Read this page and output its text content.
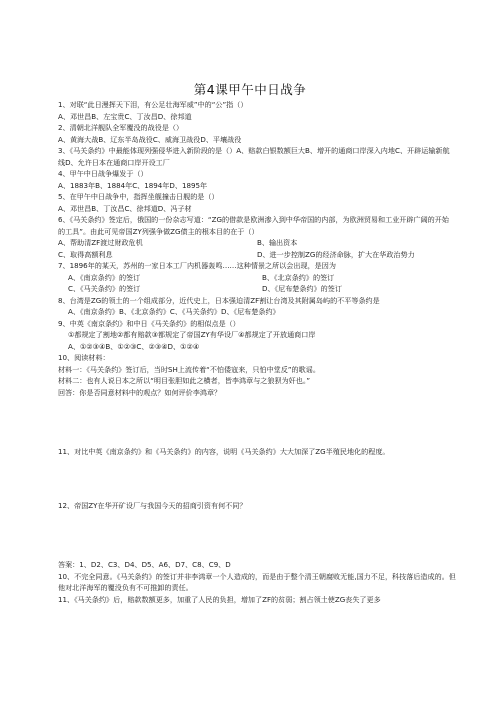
第4课甲午中日战争
1、对联“此日漫挥天下泪，有公足壮海军威”中的“公”指（）
A、邓世昌B、左宝贵C、丁汝昌D、徐邦道
2、清朝北洋舰队全军覆没的战役是（）
A、黄海大战B、辽东半岛战役C、威海卫战役D、平壤战役
3、《马关条约》中最能体现列强侵华进入新阶段的是（）A、赔款白银数额巨大B、增开的通商口岸深入内地C、开辟运输新航线D、允许日本在通商口岸开设工厂
4、甲午中日战争爆发于（）
A、1883年B、1884年C、1894年D、1895年
5、在甲午中日战争中，指挥坐舰撞击日舰的是（）
A、邓世昌B、丁汝昌C、徐邦道D、冯子材
6、《马关条约》签定后，俄国的一份杂志写道：“ZG的借款是欧洲渗入到中华帝国的内部，为欧洲贸易和工业开辟广阔的开始的工具”。由此可见帝国ZY列强争做ZG债主的根本目的在于（）
A、帮助清ZF渡过财政危机	B、输出资本
C、取得高额利息	D、进一步控制ZG的经济命脉，扩大在华政治势力
7、1896年的某天，苏州的一家日本工厂内机器轰鸣……这种情景之所以会出现，是因为
A、《南京条约》的签订	B、《北京条约》的签订
C、《马关条约》的签订	D、《尼布楚条约》的签订
8、台湾是ZG的领土的一个组成部分，近代史上，日本强迫清ZF割让台湾及其附属岛屿的不平等条约是
A、《南京条约》B、《北京条约》C、《马关条约》D、《尼布楚条约》
9、中英《南京条约》和中日《马关条约》的相似点是（）
①都规定了割地②都有赔款③都规定了帝国ZY有华设厂④都规定了开放通商口岸
A、①②③④B、①②③C、②③④D、①②④
10、阅读材料：
材料一：《马关条约》签订后，当时SH上流传着“不怕倭寇来，只怕中堂反”的歌谣。
材料二：也有人说日本之所以“明目张胆如此之横者，皆李鸿章与之狼狈为奸也。”
回答：你是否同意材料中的观点？如何评价李鸿章？
11、对比中英《南京条约》和《马关条约》的内容，说明《马关条约》大大加深了ZG半殖民地化的程度。
12、帝国ZY在华开矿设厂与我国今天的招商引资有何不同？
答案：1、D2、C3、D4、D5、A6、D7、C8、C9、D
10、不完全同意。《马关条约》的签订并非李鸿章一个人造成的，而是由于整个清王朝腐败无能,国力不足，科技落后造成的。但他对北洋海军的覆没负有不可推卸的责任。
11、《马关条约》后，赔款数额更多，加重了人民的负担，增加了ZF的贫弱；割占领土使ZG丧失了更多
